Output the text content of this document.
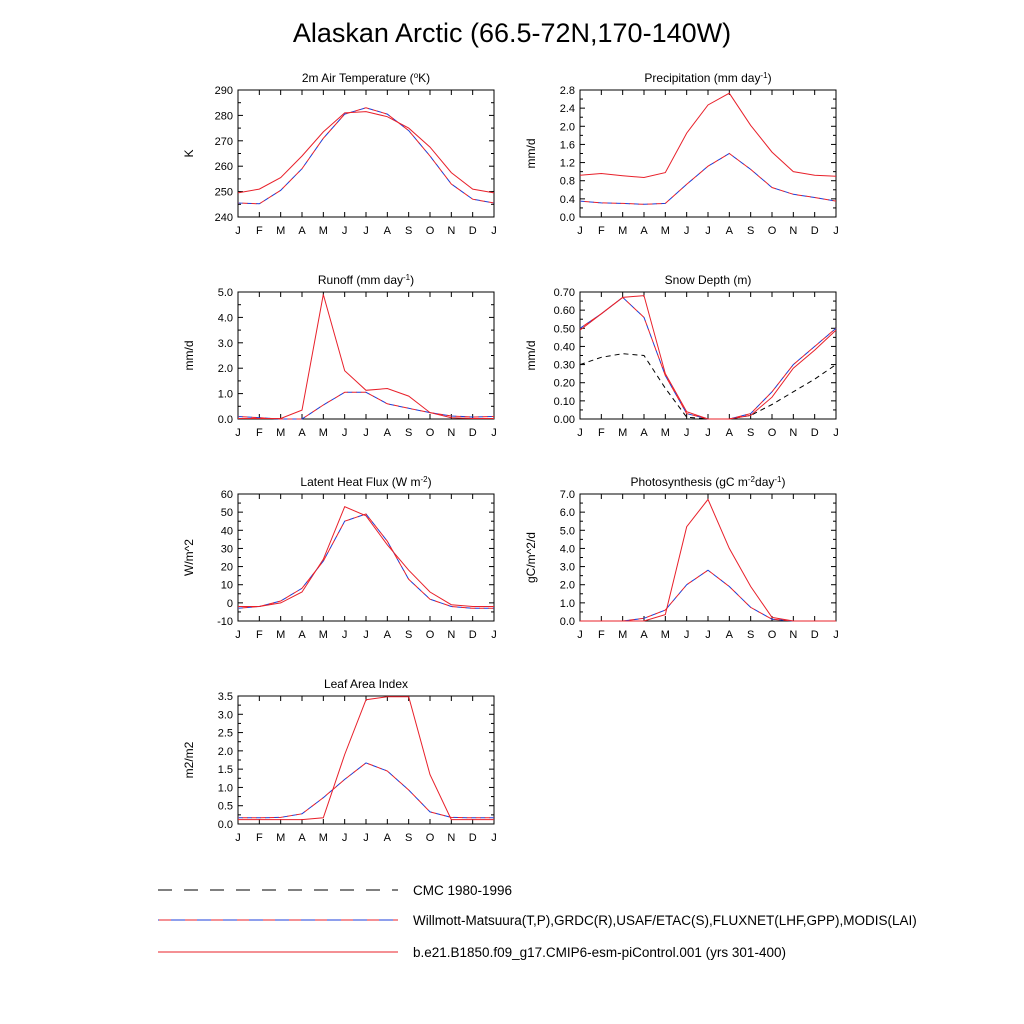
Alaskan Arctic (66.5-72N,170-140W)
J F M A M J J A S O N D J
240
250
260
270
280
290
2m Air Temperature ($^o$K)
K
J F M A M J J A S O N D J
0.0
0.4
0.8
1.2
1.6
2.0
2.4
2.8
Precipitation (mm day$^{-1}$)
mm/d
J F M A M J J A S O N D J
0.0
1.0
2.0
3.0
4.0
5.0
Runoff (mm day$^{-1}$)
mm/d
J F M A M J J A S O N D J
0.00
0.10
0.20
0.30
0.40
0.50
0.60
0.70
Snow Depth (m)
mm/d
J F M A M J J A S O N D J
-10
0
10
20
30
40
50
60
Latent Heat Flux (W $m^{-2}$)
W/m^2
J F M A M J J A S O N D J
0.0
1.0
2.0
3.0
4.0
5.0
6.0
7.0
Photosynthesis (gC $m^{-2}day^{-1}$)
gC/m^2/d
J F M A M J J A S O N D J
0.0
0.5
1.0
1.5
2.0
2.5
3.0
3.5
Leaf Area Index
m2/m2
CMC 1980-1996
Willmott-Matsuura(T,P),GRDC(R),USAF/ETAC(S),FLUXNET(LHF,GPP),MODIS(LAI)
b.e21.B1850.f09_g17.CMIP6-esm-piControl.001 (yrs 301-400)
